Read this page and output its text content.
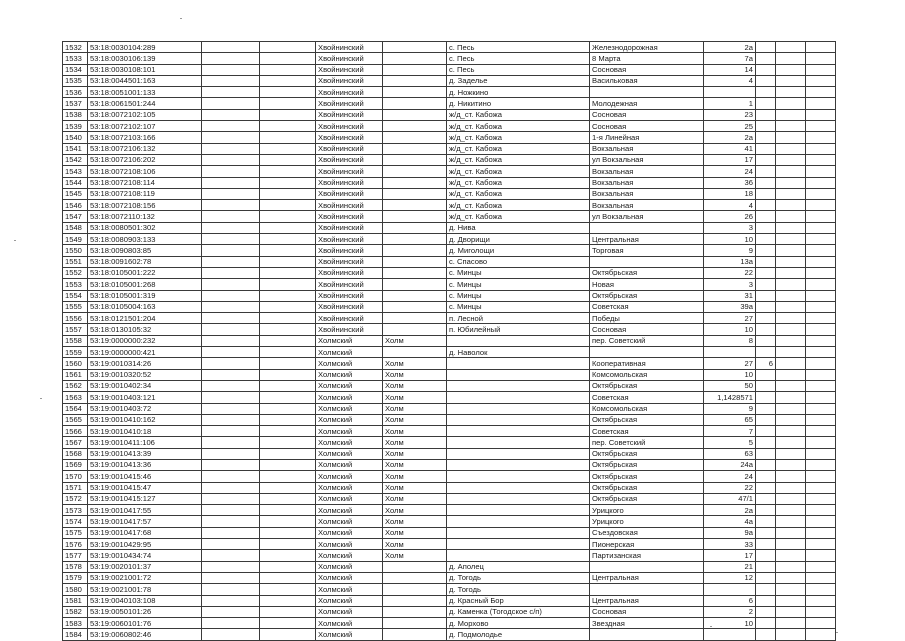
1532	53:18:0030104:289			Хвойнинский		с. Песь	Железнодорожная	2а			
1533	53:18:0030106:139			Хвойнинский		с. Песь	8 Марта	7а			
1534	53:18:0030108:101			Хвойнинский		с. Песь	Сосновая	14			
1535	53:18:0044501:163			Хвойнинский		д. Заделье	Васильковая	4			
1536	53:18:0051001:133			Хвойнинский		д. Ножкино					
1537	53:18:0061501:244			Хвойнинский		д. Никитино	Молодежная	1			
1538	53:18:0072102:105			Хвойнинский		ж/д_ст. Кабожа	Сосновая	23			
1539	53:18:0072102:107			Хвойнинский		ж/д_ст. Кабожа	Сосновая	25			
1540	53:18:0072103:166			Хвойнинский		ж/д_ст. Кабожа	1-я Линейная	2а			
1541	53:18:0072106:132			Хвойнинский		ж/д_ст. Кабожа	Вокзальная	41			
1542	53:18:0072106:202			Хвойнинский		ж/д_ст. Кабожа	ул Вокзальная	17			
1543	53:18:0072108:106			Хвойнинский		ж/д_ст. Кабожа	Вокзальная	24			
1544	53:18:0072108:114			Хвойнинский		ж/д_ст. Кабожа	Вокзальная	36			
1545	53:18:0072108:119			Хвойнинский		ж/д_ст. Кабожа	Вокзальная	18			
1546	53:18:0072108:156			Хвойнинский		ж/д_ст. Кабожа	Вокзальная	4			
1547	53:18:0072110:132			Хвойнинский		ж/д_ст. Кабожа	ул Вокзальная	26			
1548	53:18:0080501:302			Хвойнинский		д. Нива		3			
1549	53:18:0080903:133			Хвойнинский		д. Дворищи	Центральная	10			
1550	53:18:0090803:85			Хвойнинский		д. Миголощи	Торговая	9			
1551	53:18:0091602:78			Хвойнинский		с. Спасово		13а			
1552	53:18:0105001:222			Хвойнинский		с. Минцы	Октябрьская	22			
1553	53:18:0105001:268			Хвойнинский		с. Минцы	Новая	3			
1554	53:18:0105001:319			Хвойнинский		с. Минцы	Октябрьская	31			
1555	53:18:0105004:163			Хвойнинский		с. Минцы	Советская	39а			
1556	53:18:0121501:204			Хвойнинский		п. Лесной	Победы	27			
1557	53:18:0130105:32			Хвойнинский		п. Юбилейный	Сосновая	10			
1558	53:19:0000000:232			Холмский	Холм		пер. Советский	8			
1559	53:19:0000000:421			Холмский		д. Наволок					
1560	53:19:0010314:26			Холмский	Холм		Кооперативная	27	6		
1561	53:19:0010320:52			Холмский	Холм		Комсомольская	10			
1562	53:19:0010402:34			Холмский	Холм		Октябрьская	50			
1563	53:19:0010403:121			Холмский	Холм		Советская	1,1428571			
1564	53:19:0010403:72			Холмский	Холм		Комсомольская	9			
1565	53:19:0010410:162			Холмский	Холм		Октябрьская	65			
1566	53:19:0010410:18			Холмский	Холм		Советская	7			
1567	53:19:0010411:106			Холмский	Холм		пер. Советский	5			
1568	53:19:0010413:39			Холмский	Холм		Октябрьская	63			
1569	53:19:0010413:36			Холмский	Холм		Октябрьская	24а			
1570	53:19:0010415:46			Холмский	Холм		Октябрьская	24			
1571	53:19:0010415:47			Холмский	Холм		Октябрьская	22			
1572	53:19:0010415:127			Холмский	Холм		Октябрьская	47/1			
1573	53:19:0010417:55			Холмский	Холм		Урицкого	2а			
1574	53:19:0010417:57			Холмский	Холм		Урицкого	4а			
1575	53:19:0010417:68			Холмский	Холм		Съездовская	9а			
1576	53:19:0010429:95			Холмский	Холм		Пионерская	33			
1577	53:19:0010434:74			Холмский	Холм		Партизанская	17			
1578	53:19:0020101:37			Холмский		д. Аполец		21			
1579	53:19:0021001:72			Холмский		д. Тогодь	Центральная	12			
1580	53:19:0021001:78			Холмский		д. Тогодь					
1581	53:19:0040103:108			Холмский		д. Красный Бор	Центральная	6			
1582	53:19:0050101:26			Холмский		д. Каменка (Тогодское с/п)	Сосновая	2			
1583	53:19:0060101:76			Холмский		д. Морхово	Звездная	10			
1584	53:19:0060802:46			Холмский		д. Подмолодье					
